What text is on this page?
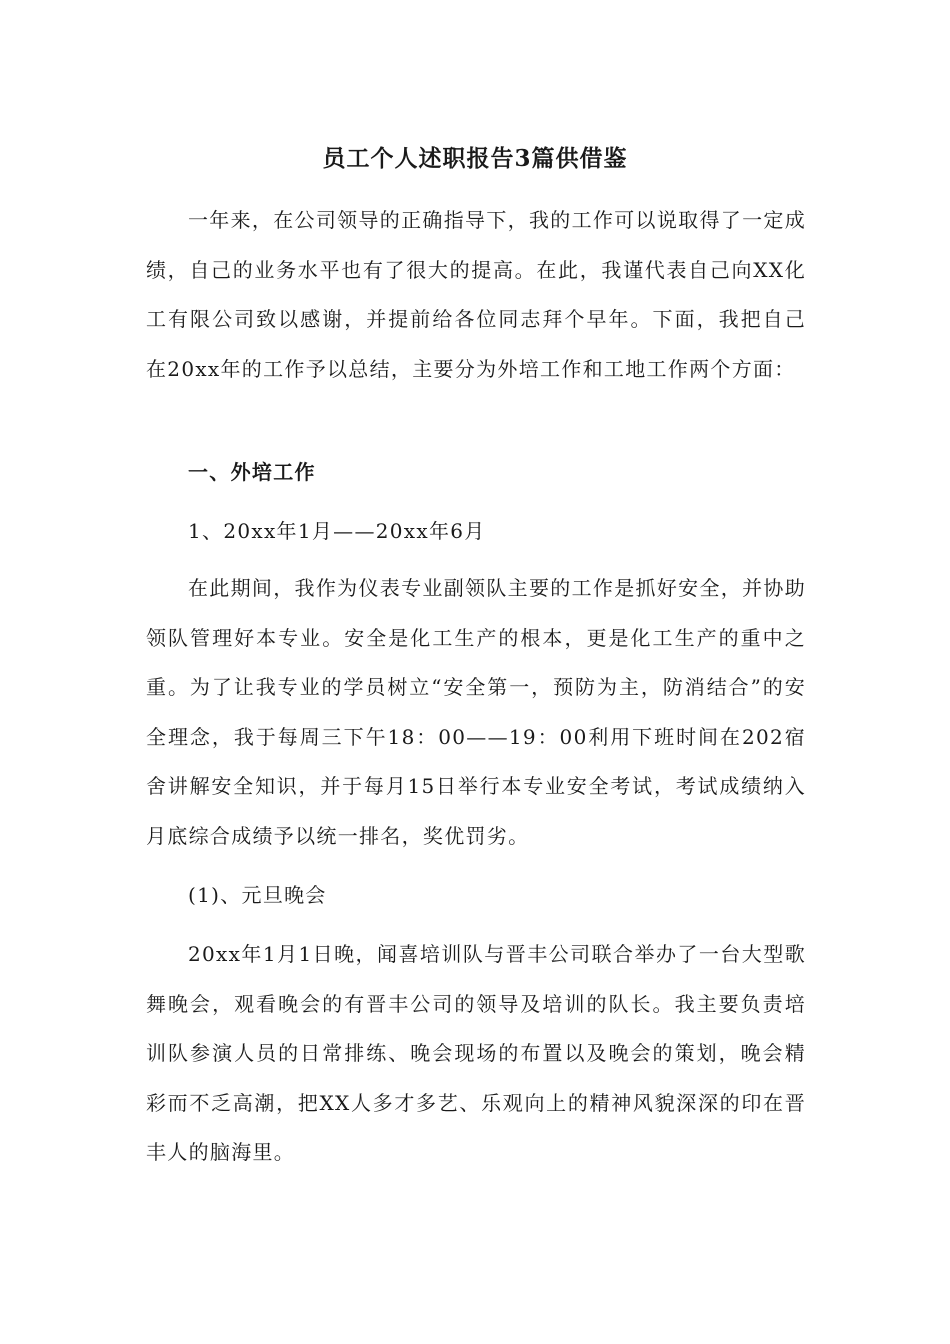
员工个人述职报告3篇供借鉴

一年来，在公司领导的正确指导下，我的工作可以说取得了一定成绩，自己的业务水平也有了很大的提高。在此，我谨代表自己向XX化工有限公司致以感谢，并提前给各位同志拜个早年。下面，我把自己在20xx年的工作予以总结，主要分为外培工作和工地工作两个方面：

一、外培工作
1、20xx年1月——20xx年6月

在此期间，我作为仪表专业副领队主要的工作是抓好安全，并协助领队管理好本专业。安全是化工生产的根本，更是化工生产的重中之重。为了让我专业的学员树立“安全第一，预防为主，防消结合”的安全理念，我于每周三下午18：00——19：00利用下班时间在202宿舍讲解安全知识，并于每月15日举行本专业安全考试，考试成绩纳入月底综合成绩予以统一排名，奖优罚劣。

(1)、元旦晚会

20xx年1月1日晚，闻喜培训队与晋丰公司联合举办了一台大型歌舞晚会，观看晚会的有晋丰公司的领导及培训的队长。我主要负责培训队参演人员的日常排练、晚会现场的布置以及晚会的策划，晚会精彩而不乏高潮，把XX人多才多艺、乐观向上的精神风貌深深的印在晋丰人的脑海里。
